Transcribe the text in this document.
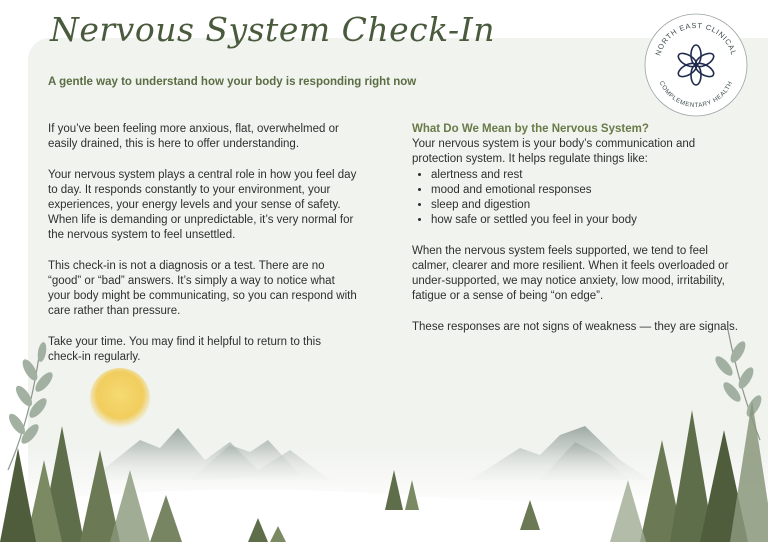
Nervous System Check-In

A gentle way to understand how your body is responding right now

NORTH EAST CLINICAL
COMPLEMENTARY HEALTH

If you’ve been feeling more anxious, flat, overwhelmed or easily drained, this is here to offer understanding.

Your nervous system plays a central role in how you feel day to day. It responds constantly to your environment, your experiences, your energy levels and your sense of safety. When life is demanding or unpredictable, it’s very normal for the nervous system to feel unsettled.

This check-in is not a diagnosis or a test. There are no “good” or “bad” answers. It’s simply a way to notice what your body might be communicating, so you can respond with care rather than pressure.

Take your time. You may find it helpful to return to this check-in regularly.

What Do We Mean by the Nervous System?
Your nervous system is your body’s communication and protection system. It helps regulate things like:
• alertness and rest
• mood and emotional responses
• sleep and digestion
• how safe or settled you feel in your body

When the nervous system feels supported, we tend to feel calmer, clearer and more resilient. When it feels overloaded or under-supported, we may notice anxiety, low mood, irritability, fatigue or a sense of being “on edge”.

These responses are not signs of weakness — they are signals.
